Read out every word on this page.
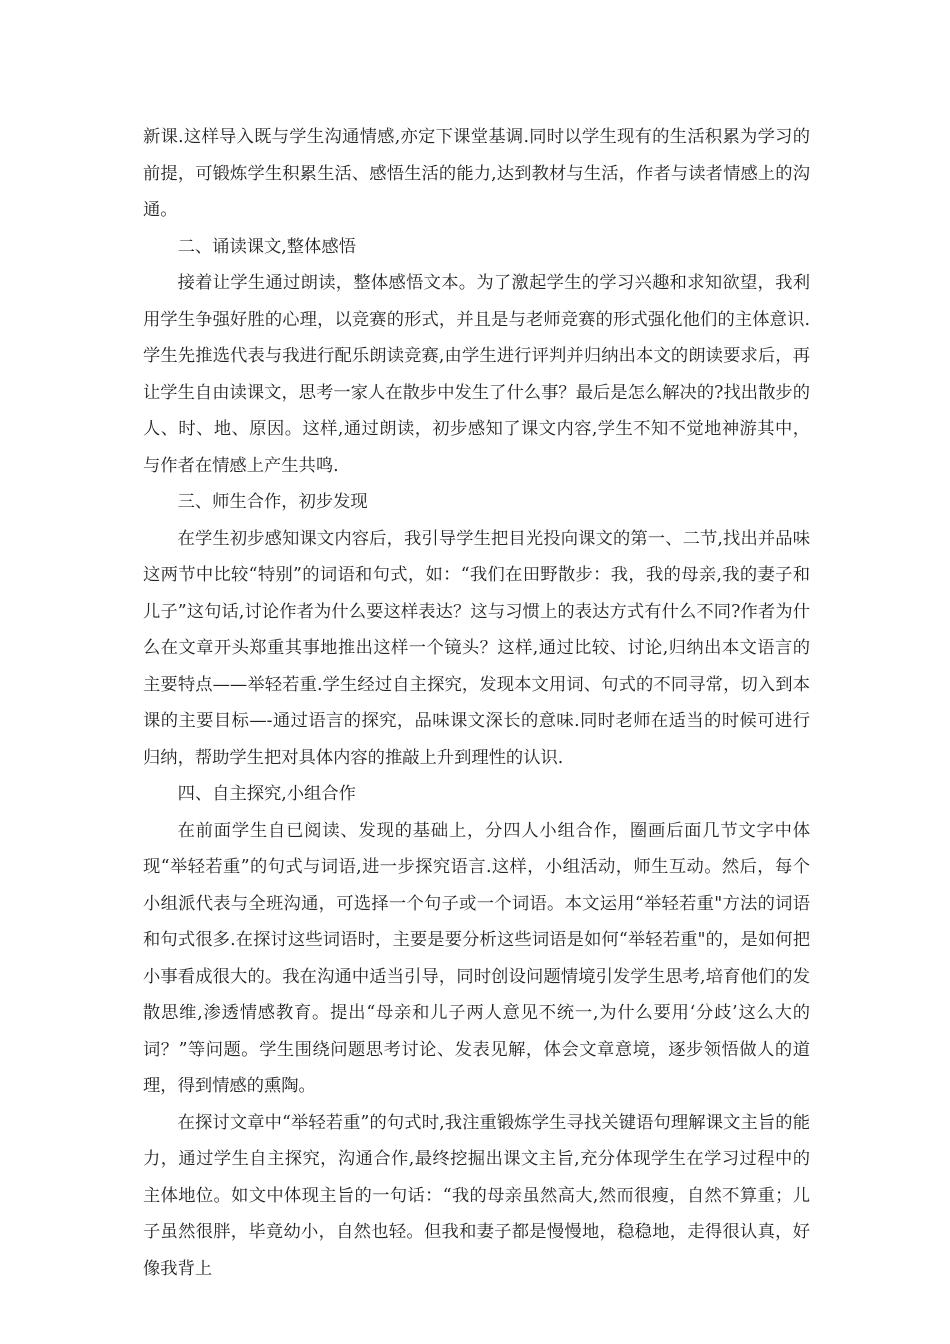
新课.这样导入既与学生沟通情感,亦定下课堂基调.同时以学生现有的生活积累为学习的前提，可锻炼学生积累生活、感悟生活的能力,达到教材与生活，作者与读者情感上的沟通。

二、诵读课文,整体感悟

接着让学生通过朗读，整体感悟文本。为了激起学生的学习兴趣和求知欲望，我利用学生争强好胜的心理，以竞赛的形式，并且是与老师竞赛的形式强化他们的主体意识.学生先推选代表与我进行配乐朗读竞赛,由学生进行评判并归纳出本文的朗读要求后，再让学生自由读课文，思考一家人在散步中发生了什么事？最后是怎么解决的?找出散步的人、时、地、原因。这样,通过朗读，初步感知了课文内容,学生不知不觉地神游其中，与作者在情感上产生共鸣.

三、师生合作，初步发现

在学生初步感知课文内容后，我引导学生把目光投向课文的第一、二节,找出并品味这两节中比较“特别”的词语和句式，如：“我们在田野散步：我，我的母亲,我的妻子和儿子”这句话,讨论作者为什么要这样表达？这与习惯上的表达方式有什么不同?作者为什么在文章开头郑重其事地推出这样一个镜头？这样,通过比较、讨论,归纳出本文语言的主要特点——举轻若重.学生经过自主探究，发现本文用词、句式的不同寻常，切入到本课的主要目标—-通过语言的探究，品味课文深长的意味.同时老师在适当的时候可进行归纳，帮助学生把对具体内容的推敲上升到理性的认识.

四、自主探究,小组合作

在前面学生自已阅读、发现的基础上，分四人小组合作，圈画后面几节文字中体现“举轻若重”的句式与词语,进一步探究语言.这样，小组活动，师生互动。然后，每个小组派代表与全班沟通，可选择一个句子或一个词语。本文运用“举轻若重"方法的词语和句式很多.在探讨这些词语时，主要是要分析这些词语是如何“举轻若重"的，是如何把小事看成很大的。我在沟通中适当引导，同时创设问题情境引发学生思考,培育他们的发散思维,渗透情感教育。提出“母亲和儿子两人意见不统一,为什么要用‘分歧’这么大的词？”等问题。学生围绕问题思考讨论、发表见解，体会文章意境，逐步领悟做人的道理，得到情感的熏陶。

在探讨文章中“举轻若重”的句式时,我注重锻炼学生寻找关键语句理解课文主旨的能力，通过学生自主探究，沟通合作,最终挖掘出课文主旨,充分体现学生在学习过程中的主体地位。如文中体现主旨的一句话：“我的母亲虽然高大,然而很瘦，自然不算重；儿子虽然很胖，毕竟幼小，自然也轻。但我和妻子都是慢慢地，稳稳地，走得很认真，好像我背上
